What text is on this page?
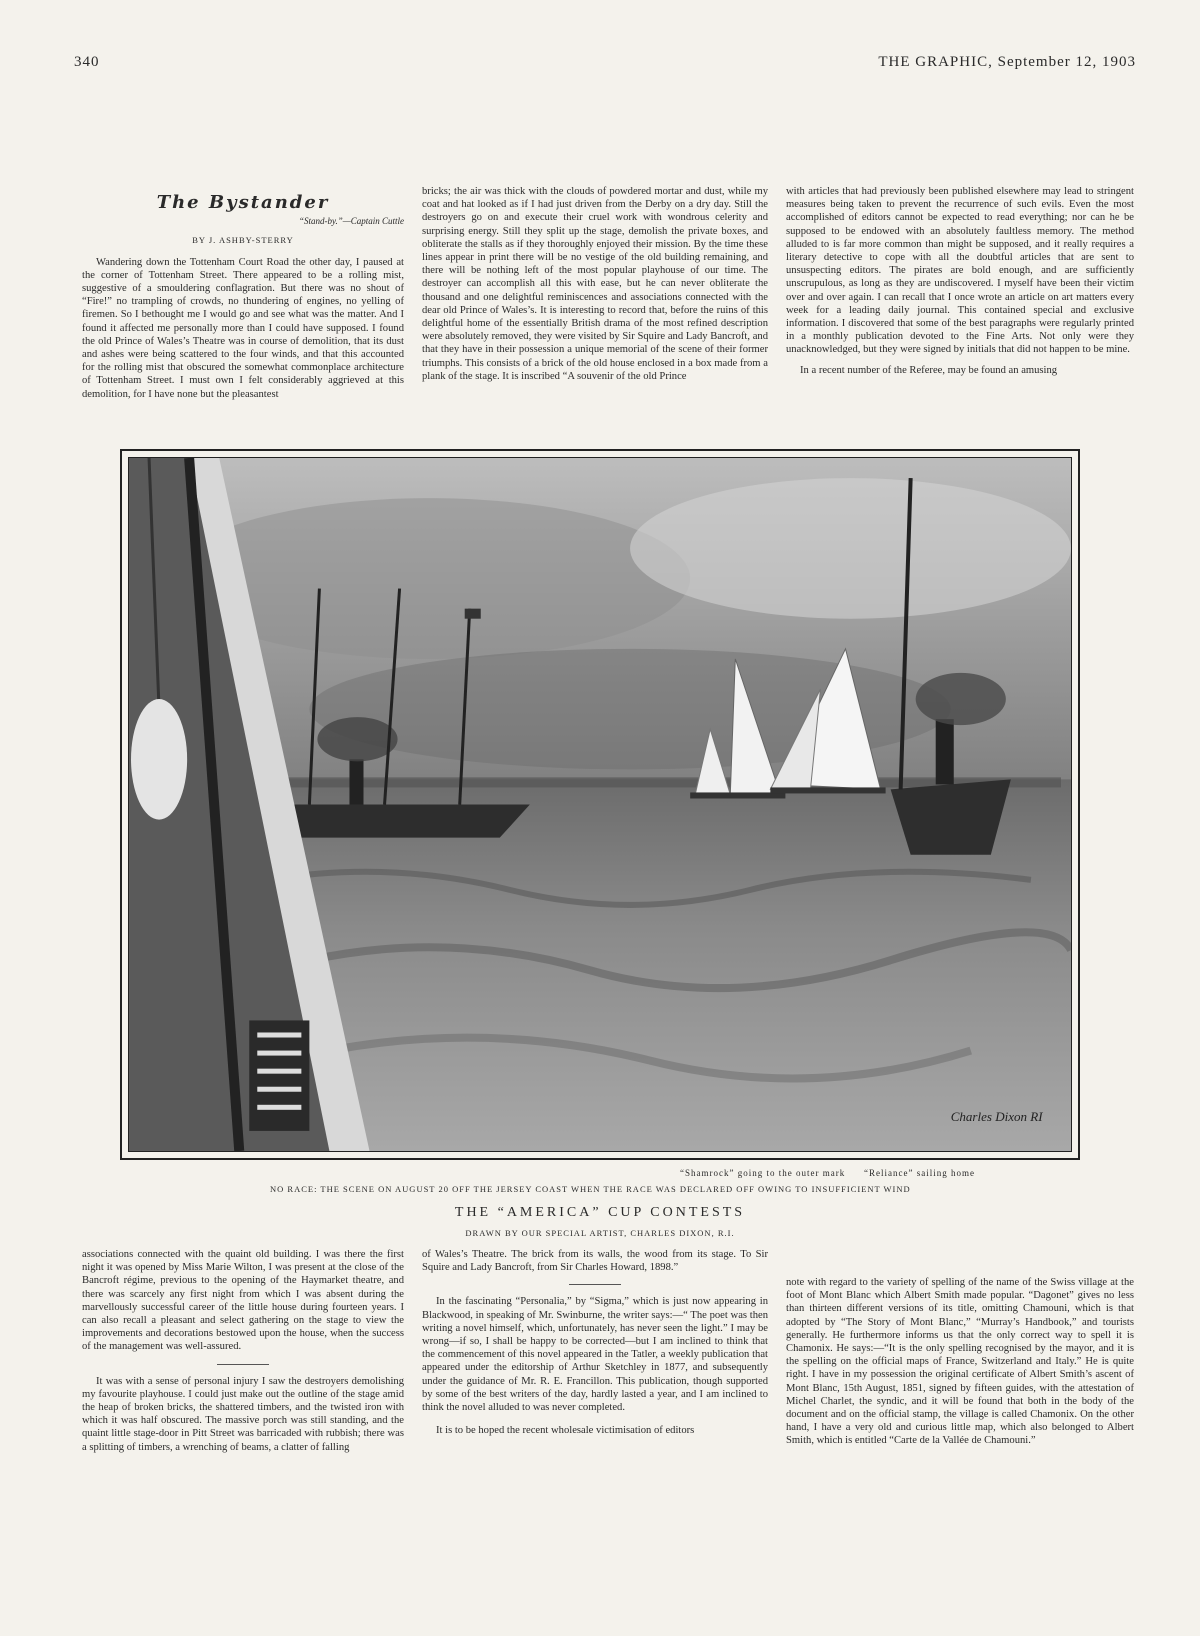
340	THE GRAPHIC, September 12, 1903
The Bystander
“Stand-by.”—Captain Cuttle
BY J. ASHBY-STERRY

Wandering down the Tottenham Court Road the other day, I paused at the corner of Tottenham Street. There appeared to be a rolling mist, suggestive of a smouldering conflagration. But there was no shout of “Fire!” no trampling of crowds, no thundering of engines, no yelling of firemen. So I bethought me I would go and see what was the matter. And I found it affected me personally more than I could have supposed. I found the old Prince of Wales’s Theatre was in course of demolition, that its dust and ashes were being scattered to the four winds, and that this accounted for the rolling mist that obscured the somewhat commonplace architecture of Tottenham Street. I must own I felt considerably aggrieved at this demolition, for I have none but the pleasantest

bricks; the air was thick with the clouds of powdered mortar and dust, while my coat and hat looked as if I had just driven from the Derby on a dry day. Still the destroyers go on and execute their cruel work with wondrous celerity and surprising energy. Still they split up the stage, demolish the private boxes, and obliterate the stalls as if they thoroughly enjoyed their mission. By the time these lines appear in print there will be no vestige of the old building remaining, and there will be nothing left of the most popular playhouse of our time. The destroyer can accomplish all this with ease, but he can never obliterate the thousand and one delightful reminiscences and associations connected with the dear old Prince of Wales’s. It is interesting to record that, before the ruins of this delightful home of the essentially British drama of the most refined description were absolutely removed, they were visited by Sir Squire and Lady Bancroft, and that they have in their possession a unique memorial of the scene of their former triumphs. This consists of a brick of the old house enclosed in a box made from a plank of the stage. It is inscribed “A souvenir of the old Prince

with articles that had previously been published elsewhere may lead to stringent measures being taken to prevent the recurrence of such evils. Even the most accomplished of editors cannot be expected to read everything; nor can he be supposed to be endowed with an absolutely faultless memory. The method alluded to is far more common than might be supposed, and it really requires a literary detective to cope with all the doubtful articles that are sent to unsuspecting editors. The pirates are bold enough, and are sufficiently unscrupulous, as long as they are undiscovered. I myself have been their victim over and over again. I can recall that I once wrote an article on art matters every week for a leading daily journal. This contained special and exclusive information. I discovered that some of the best paragraphs were regularly printed in a monthly publication devoted to the Fine Arts. Not only were they unacknowledged, but they were signed by initials that did not happen to be mine.

In a recent number of the Referee, may be found an amusing

Charles Dixon RI
“Shamrock” going to the outer mark “Reliance” sailing home
NO RACE: THE SCENE ON AUGUST 20 OFF THE JERSEY COAST WHEN THE RACE WAS DECLARED OFF OWING TO INSUFFICIENT WIND
THE “AMERICA” CUP CONTESTS
DRAWN BY OUR SPECIAL ARTIST, CHARLES DIXON, R.I.

associations connected with the quaint old building. I was there the first night it was opened by Miss Marie Wilton, I was present at the close of the Bancroft régime, previous to the opening of the Haymarket theatre, and there was scarcely any first night from which I was absent during the marvellously successful career of the little house during fourteen years. I can also recall a pleasant and select gathering on the stage to view the improvements and decorations bestowed upon the house, when the success of the management was well-assured.

It was with a sense of personal injury I saw the destroyers demolishing my favourite playhouse. I could just make out the outline of the stage amid the heap of broken bricks, the shattered timbers, and the twisted iron with which it was half obscured. The massive porch was still standing, and the quaint little stage-door in Pitt Street was barricaded with rubbish; there was a splitting of timbers, a wrenching of beams, a clatter of falling

of Wales’s Theatre. The brick from its walls, the wood from its stage. To Sir Squire and Lady Bancroft, from Sir Charles Howard, 1898.”

In the fascinating “Personalia,” by “Sigma,” which is just now appearing in Blackwood, in speaking of Mr. Swinburne, the writer says:—“ The poet was then writing a novel himself, which, unfortunately, has never seen the light.” I may be wrong—if so, I shall be happy to be corrected—but I am inclined to think that the commencement of this novel appeared in the Tatler, a weekly publication that appeared under the editorship of Arthur Sketchley in 1877, and subsequently under the guidance of Mr. R. E. Francillon. This publication, though supported by some of the best writers of the day, hardly lasted a year, and I am inclined to think the novel alluded to was never completed.

It is to be hoped the recent wholesale victimisation of editors

note with regard to the variety of spelling of the name of the Swiss village at the foot of Mont Blanc which Albert Smith made popular. “Dagonet” gives no less than thirteen different versions of its title, omitting Chamouni, which is that adopted by “The Story of Mont Blanc,” “Murray’s Handbook,” and tourists generally. He furthermore informs us that the only correct way to spell it is Chamonix. He says:—“It is the only spelling recognised by the mayor, and it is the spelling on the official maps of France, Switzerland and Italy.” He is quite right. I have in my possession the original certificate of Albert Smith’s ascent of Mont Blanc, 15th August, 1851, signed by fifteen guides, with the attestation of Michel Charlet, the syndic, and it will be found that both in the body of the document and on the official stamp, the village is called Chamonix. On the other hand, I have a very old and curious little map, which also belonged to Albert Smith, which is entitled “Carte de la Vallée de Chamouni.”
